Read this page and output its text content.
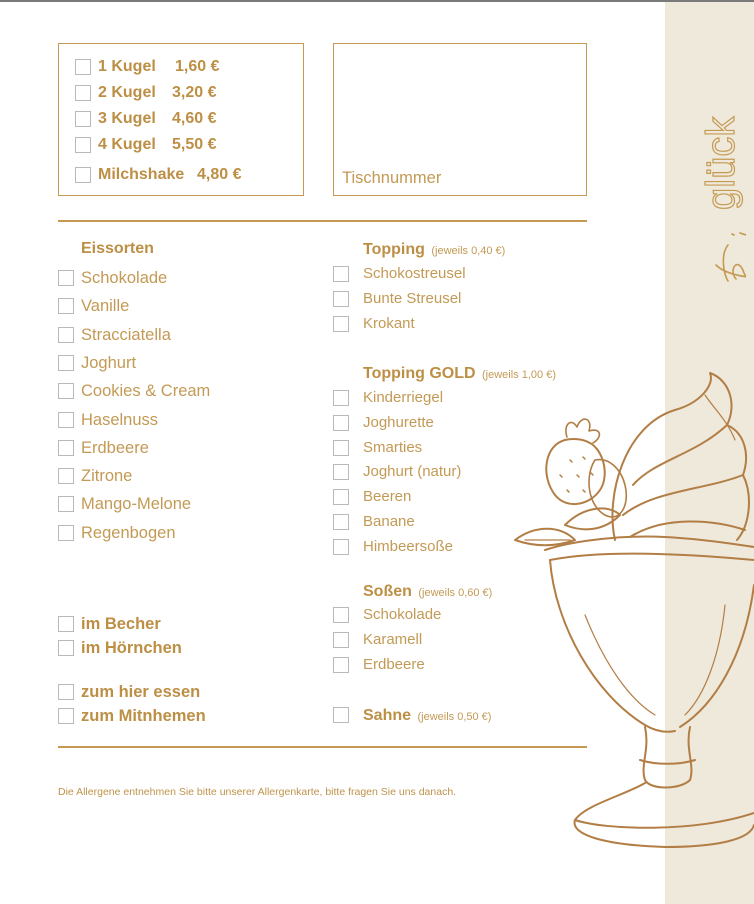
glück
1 Kugel 1,60 €
2 Kugel 3,20 €
3 Kugel 4,60 €
4 Kugel 5,50 €
Milchshake 4,80 €	Tischnummer
Eissorten
Schokolade
Vanille
Stracciatella
Joghurt
Cookies & Cream
Haselnuss
Erdbeere
Zitrone
Mango-Melone
Regenbogen
im Becher
im Hörnchen
zum hier essen
zum Mitnhemen
Topping (jeweils 0,40 €)
Schokostreusel
Bunte Streusel
Krokant
Topping GOLD (jeweils 1,00 €)
Kinderriegel
Joghurette
Smarties
Joghurt (natur)
Beeren
Banane
Himbeersoße
Soßen (jeweils 0,60 €)
Schokolade
Karamell
Erdbeere
Sahne (jeweils 0,50 €)
Die Allergene entnehmen Sie bitte unserer Allergenkarte, bitte fragen Sie uns danach.
